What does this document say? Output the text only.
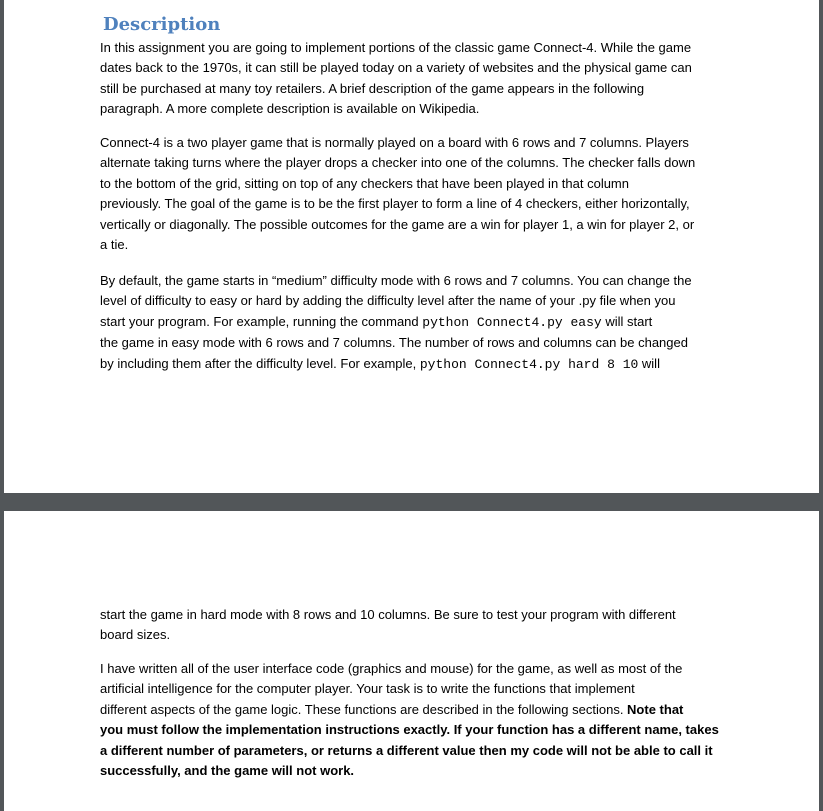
Description

In this assignment you are going to implement portions of the classic game Connect-4. While the game
dates back to the 1970s, it can still be played today on a variety of websites and the physical game can
still be purchased at many toy retailers. A brief description of the game appears in the following
paragraph. A more complete description is available on Wikipedia.

Connect-4 is a two player game that is normally played on a board with 6 rows and 7 columns. Players
alternate taking turns where the player drops a checker into one of the columns. The checker falls down
to the bottom of the grid, sitting on top of any checkers that have been played in that column
previously. The goal of the game is to be the first player to form a line of 4 checkers, either horizontally,
vertically or diagonally. The possible outcomes for the game are a win for player 1, a win for player 2, or
a tie.

By default, the game starts in “medium” difficulty mode with 6 rows and 7 columns. You can change the
level of difficulty to easy or hard by adding the difficulty level after the name of your .py file when you
start your program. For example, running the command python Connect4.py easy will start
the game in easy mode with 6 rows and 7 columns. The number of rows and columns can be changed
by including them after the difficulty level. For example, python Connect4.py hard 8 10 will

start the game in hard mode with 8 rows and 10 columns. Be sure to test your program with different
board sizes.

I have written all of the user interface code (graphics and mouse) for the game, as well as most of the
artificial intelligence for the computer player. Your task is to write the functions that implement
different aspects of the game logic. These functions are described in the following sections. Note that
you must follow the implementation instructions exactly. If your function has a different name, takes
a different number of parameters, or returns a different value then my code will not be able to call it
successfully, and the game will not work.
